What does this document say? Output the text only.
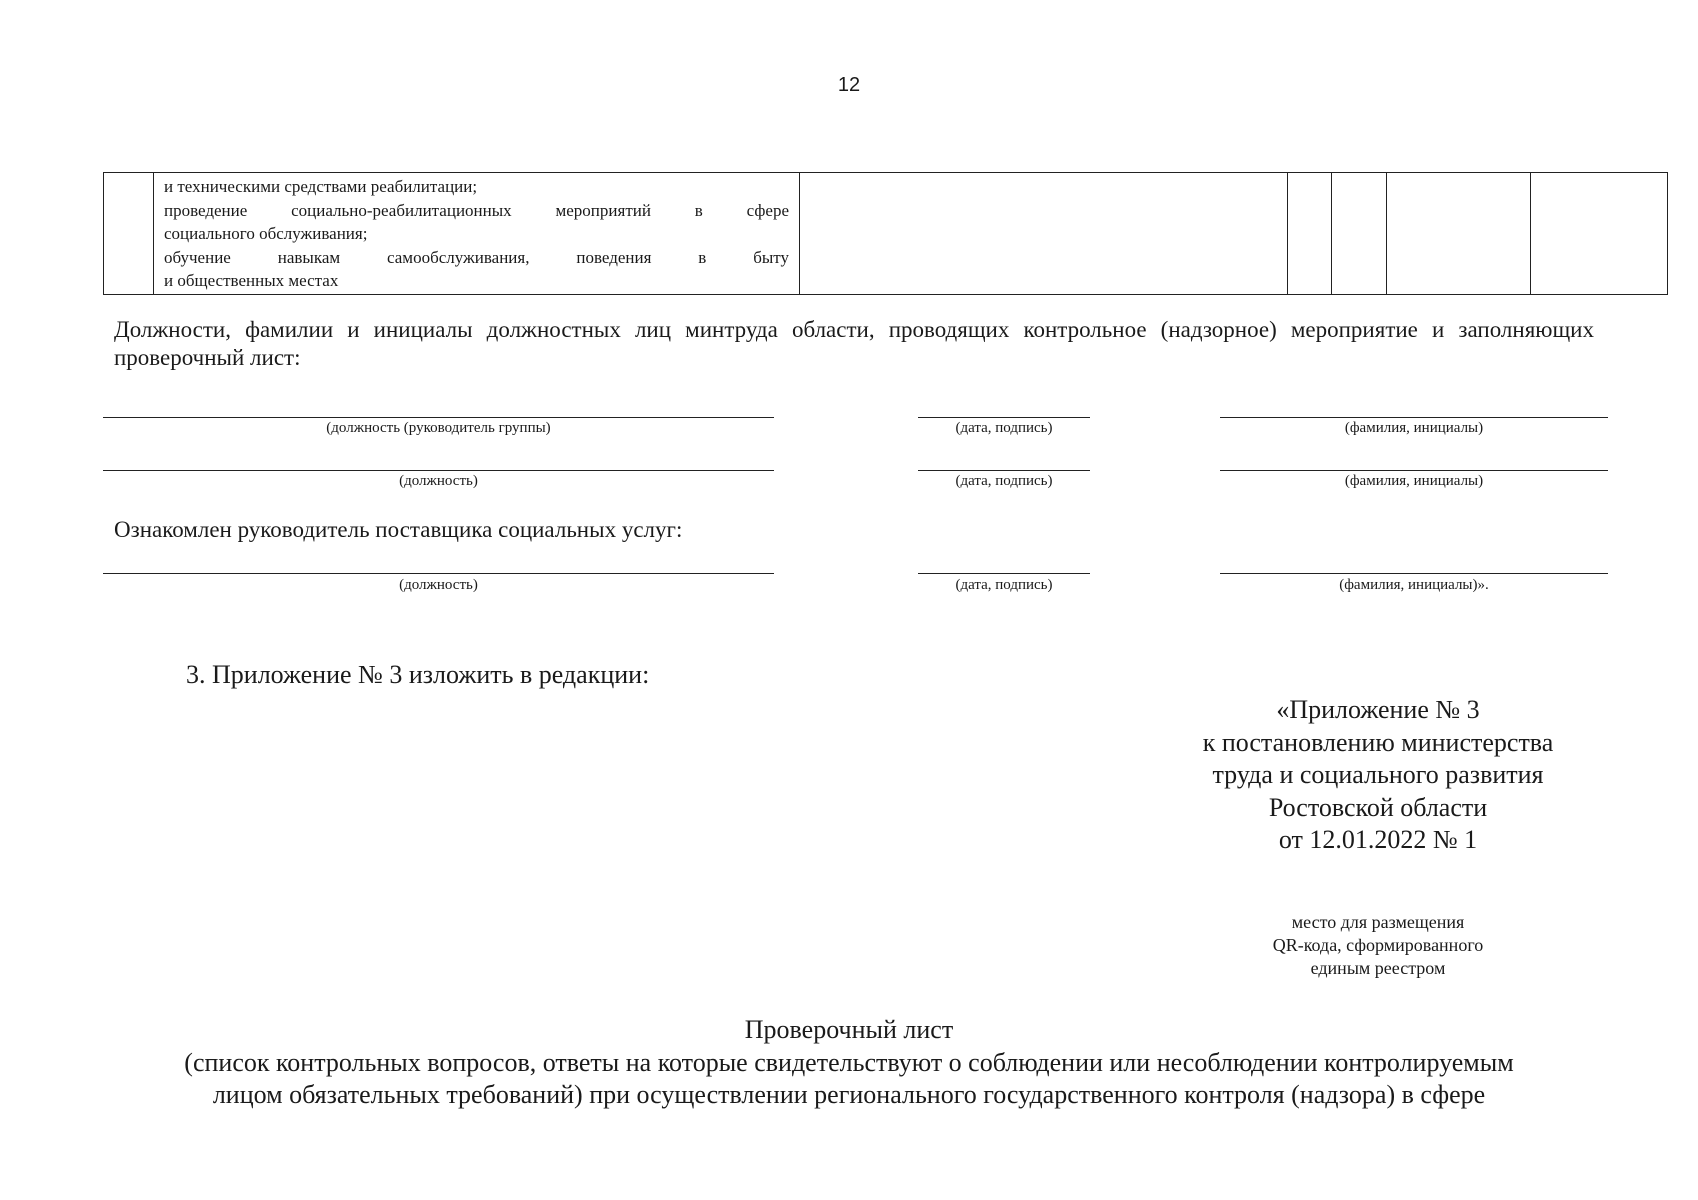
12
и техническими средствами реабилитации;
проведение социально-реабилитационных мероприятий в сфере
социального обслуживания;
обучение навыкам самообслуживания, поведения в быту
и общественных местах
Должности, фамилии и инициалы должностных лиц минтруда области, проводящих контрольное (надзорное) мероприятие и заполняющих проверочный лист:
(должность (руководитель группы)	(дата, подпись)	(фамилия, инициалы)
(должность)	(дата, подпись)	(фамилия, инициалы)
Ознакомлен руководитель поставщика социальных услуг:
(должность)	(дата, подпись)	(фамилия, инициалы)».
3. Приложение № 3 изложить в редакции:
«Приложение № 3
к постановлению министерства
труда и социального развития
Ростовской области
от 12.01.2022 № 1
место для размещения
QR-кода, сформированного
единым реестром
Проверочный лист
(список контрольных вопросов, ответы на которые свидетельствуют о соблюдении или несоблюдении контролируемым
лицом обязательных требований) при осуществлении регионального государственного контроля (надзора) в сфере
